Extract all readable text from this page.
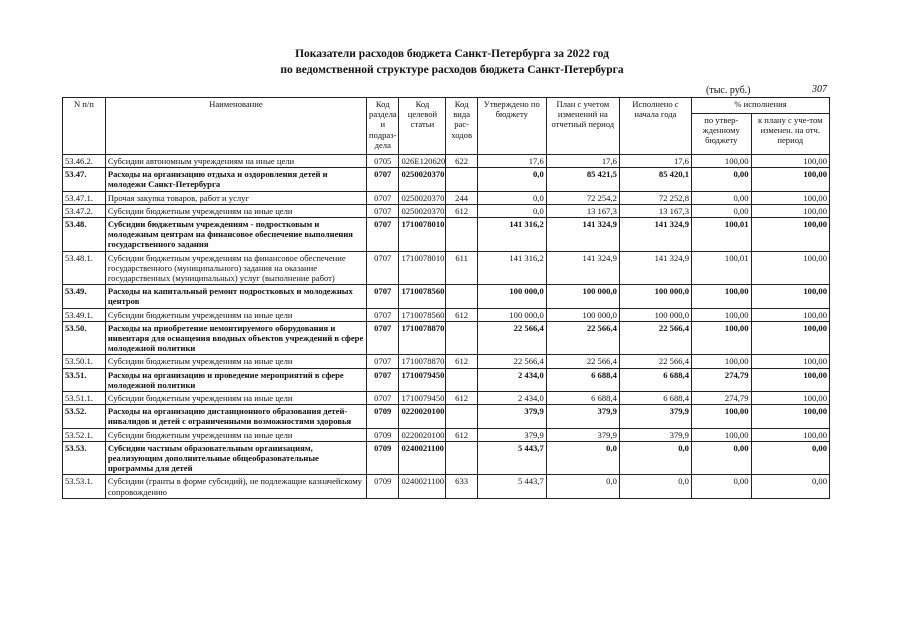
Показатели расходов бюджета Санкт-Петербурга за 2022 год
по ведомственной структуре расходов бюджета Санкт-Петербурга
(тыс. руб.)	307
N п/п	Наименование	Код раздела и подраз-дела	Код целевой статьи	Код вида рас-ходов	Утверждено по бюджету	План с учетом изменений на отчетный период	Исполнено с начала года	% исполнения	
								по утвер-жденному бюджету	к плану с уче-том изменен. на отч. период
53.46.2.	Субсидии автономным учреждениям на иные цели	0705	026E120620	622	17,6	17,6	17,6	100,00	100,00
53.47.	Расходы на организацию отдыха и оздоровления детей и молодежи Санкт-Петербурга	0707	0250020370		0,0	85 421,5	85 420,1	0,00	100,00
53.47.1.	Прочая закупка товаров, работ и услуг	0707	0250020370	244	0,0	72 254,2	72 252,8	0,00	100,00
53.47.2.	Субсидии бюджетным учреждениям на иные цели	0707	0250020370	612	0,0	13 167,3	13 167,3	0,00	100,00
53.48.	Субсидии бюджетным учреждениям - подростковым и молодежным центрам на финансовое обеспечение выполнения государственного задания	0707	1710078010		141 316,2	141 324,9	141 324,9	100,01	100,00
53.48.1.	Субсидии бюджетным учреждениям на финансовое обеспечение государственного (муниципального) задания на оказание государственных (муниципальных) услуг (выполнение работ)	0707	1710078010	611	141 316,2	141 324,9	141 324,9	100,01	100,00
53.49.	Расходы на капитальный ремонт подростковых и молодежных центров	0707	1710078560		100 000,0	100 000,0	100 000,0	100,00	100,00
53.49.1.	Субсидии бюджетным учреждениям на иные цели	0707	1710078560	612	100 000,0	100 000,0	100 000,0	100,00	100,00
53.50.	Расходы на приобретение немонтируемого оборудования и инвентаря для оснащения вводных объектов учреждений в сфере молодежной политики	0707	1710078870		22 566,4	22 566,4	22 566,4	100,00	100,00
53.50.1.	Субсидии бюджетным учреждениям на иные цели	0707	1710078870	612	22 566,4	22 566,4	22 566,4	100,00	100,00
53.51.	Расходы на организацию и проведение мероприятий в сфере молодежной политики	0707	1710079450		2 434,0	6 688,4	6 688,4	274,79	100,00
53.51.1.	Субсидии бюджетным учреждениям на иные цели	0707	1710079450	612	2 434,0	6 688,4	6 688,4	274,79	100,00
53.52.	Расходы на организацию дистанционного образования детей-инвалидов и детей с ограниченными возможностями здоровья	0709	0220020100		379,9	379,9	379,9	100,00	100,00
53.52.1.	Субсидии бюджетным учреждениям на иные цели	0709	0220020100	612	379,9	379,9	379,9	100,00	100,00
53.53.	Субсидии частным образовательным организациям, реализующим дополнительные общеобразовательные программы для детей	0709	0240021100		5 443,7	0,0	0,0	0,00	0,00
53.53.1.	Субсидии (гранты в форме субсидий), не подлежащие казначейскому сопровождению	0709	0240021100	633	5 443,7	0,0	0,0	0,00	0,00
